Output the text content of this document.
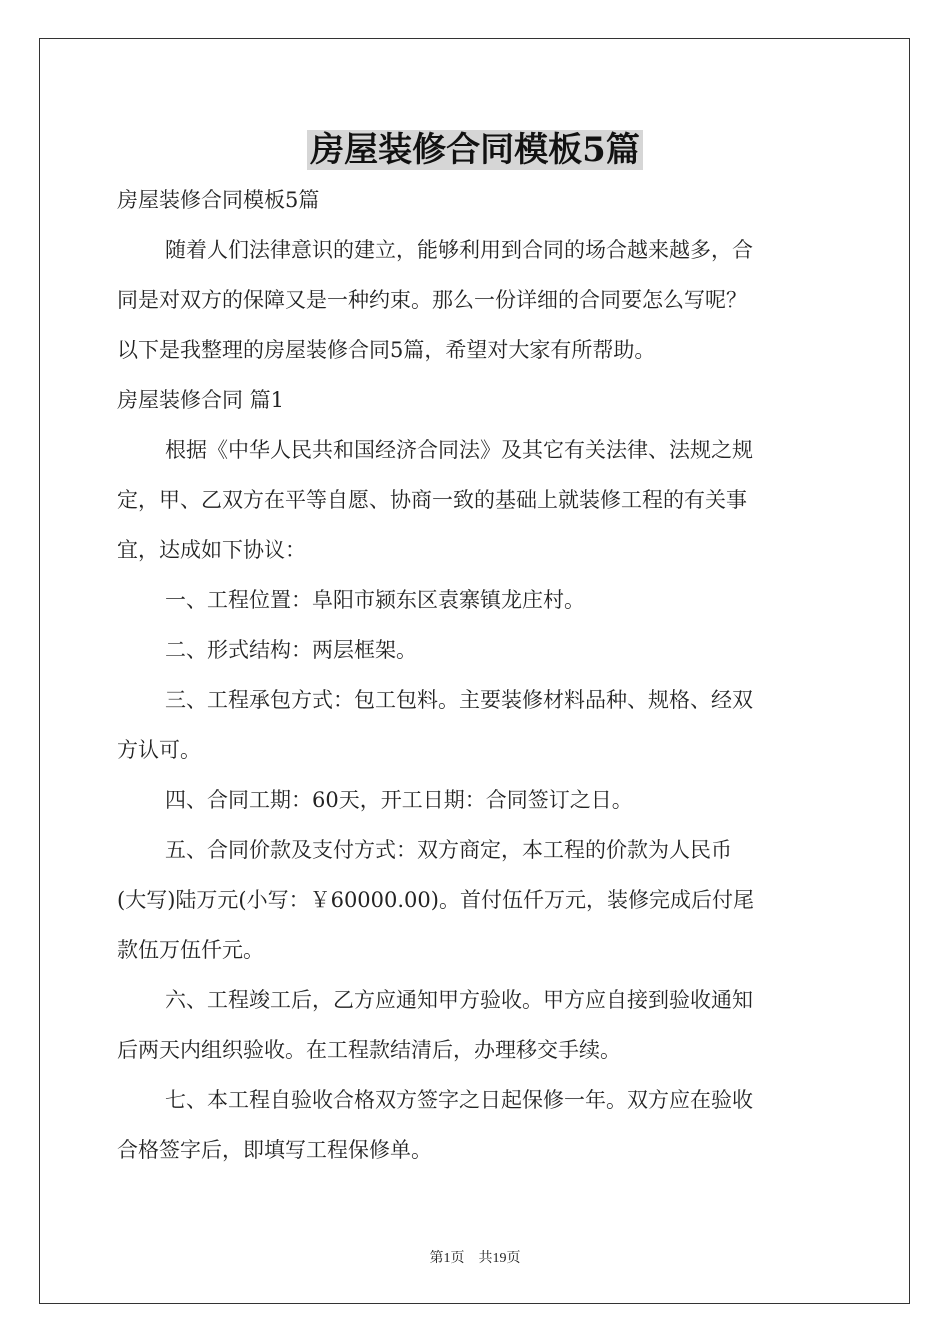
房屋装修合同模板5篇
房屋装修合同模板5篇
随着人们法律意识的建立，能够利用到合同的场合越来越多，合
同是对双方的保障又是一种约束。那么一份详细的合同要怎么写呢？
以下是我整理的房屋装修合同5篇，希望对大家有所帮助。
房屋装修合同 篇1
根据《中华人民共和国经济合同法》及其它有关法律、法规之规
定，甲、乙双方在平等自愿、协商一致的基础上就装修工程的有关事
宜，达成如下协议：
一、工程位置：阜阳市颍东区袁寨镇龙庄村。
二、形式结构：两层框架。
三、工程承包方式：包工包料。主要装修材料品种、规格、经双
方认可。
四、合同工期：60天，开工日期：合同签订之日。
五、合同价款及支付方式：双方商定，本工程的价款为人民币
(大写)陆万元(小写：￥60000.00)。首付伍仟万元，装修完成后付尾
款伍万伍仟元。
六、工程竣工后，乙方应通知甲方验收。甲方应自接到验收通知
后两天内组织验收。在工程款结清后，办理移交手续。
七、本工程自验收合格双方签字之日起保修一年。双方应在验收
合格签字后，即填写工程保修单。
第1页 共19页
